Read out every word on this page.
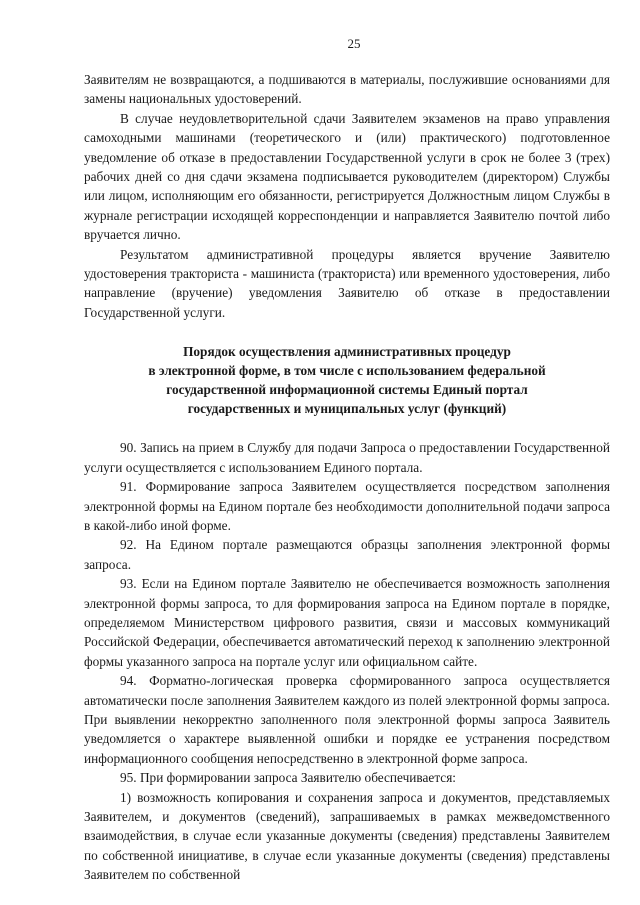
25

Заявителям не возвращаются, а подшиваются в материалы, послужившие основаниями для замены национальных удостоверений.

В случае неудовлетворительной сдачи Заявителем экзаменов на право управления самоходными машинами (теоретического и (или) практического) подготовленное уведомление об отказе в предоставлении Государственной услуги в срок не более 3 (трех) рабочих дней со дня сдачи экзамена подписывается руководителем (директором) Службы или лицом, исполняющим его обязанности, регистрируется Должностным лицом Службы в журнале регистрации исходящей корреспонденции и направляется Заявителю почтой либо вручается лично.

Результатом административной процедуры является вручение Заявителю удостоверения тракториста - машиниста (тракториста) или временного удостоверения, либо направление (вручение) уведомления Заявителю об отказе в предоставлении Государственной услуги.

Порядок осуществления административных процедур
в электронной форме, в том числе с использованием федеральной
государственной информационной системы Единый портал
государственных и муниципальных услуг (функций)

90. Запись на прием в Службу для подачи Запроса о предоставлении Государственной услуги осуществляется с использованием Единого портала.

91. Формирование запроса Заявителем осуществляется посредством заполнения электронной формы на Едином портале без необходимости дополнительной подачи запроса в какой-либо иной форме.

92. На Едином портале размещаются образцы заполнения электронной формы запроса.

93. Если на Едином портале Заявителю не обеспечивается возможность заполнения электронной формы запроса, то для формирования запроса на Едином портале в порядке, определяемом Министерством цифрового развития, связи и массовых коммуникаций Российской Федерации, обеспечивается автоматический переход к заполнению электронной формы указанного запроса на портале услуг или официальном сайте.

94. Форматно-логическая проверка сформированного запроса осуществляется автоматически после заполнения Заявителем каждого из полей электронной формы запроса. При выявлении некорректно заполненного поля электронной формы запроса Заявитель уведомляется о характере выявленной ошибки и порядке ее устранения посредством информационного сообщения непосредственно в электронной форме запроса.

95. При формировании запроса Заявителю обеспечивается:

1) возможность копирования и сохранения запроса и документов, представляемых Заявителем, и документов (сведений), запрашиваемых в рамках межведомственного взаимодействия, в случае если указанные документы (сведения) представлены Заявителем по собственной инициативе, в случае если указанные документы (сведения) представлены Заявителем по собственной
